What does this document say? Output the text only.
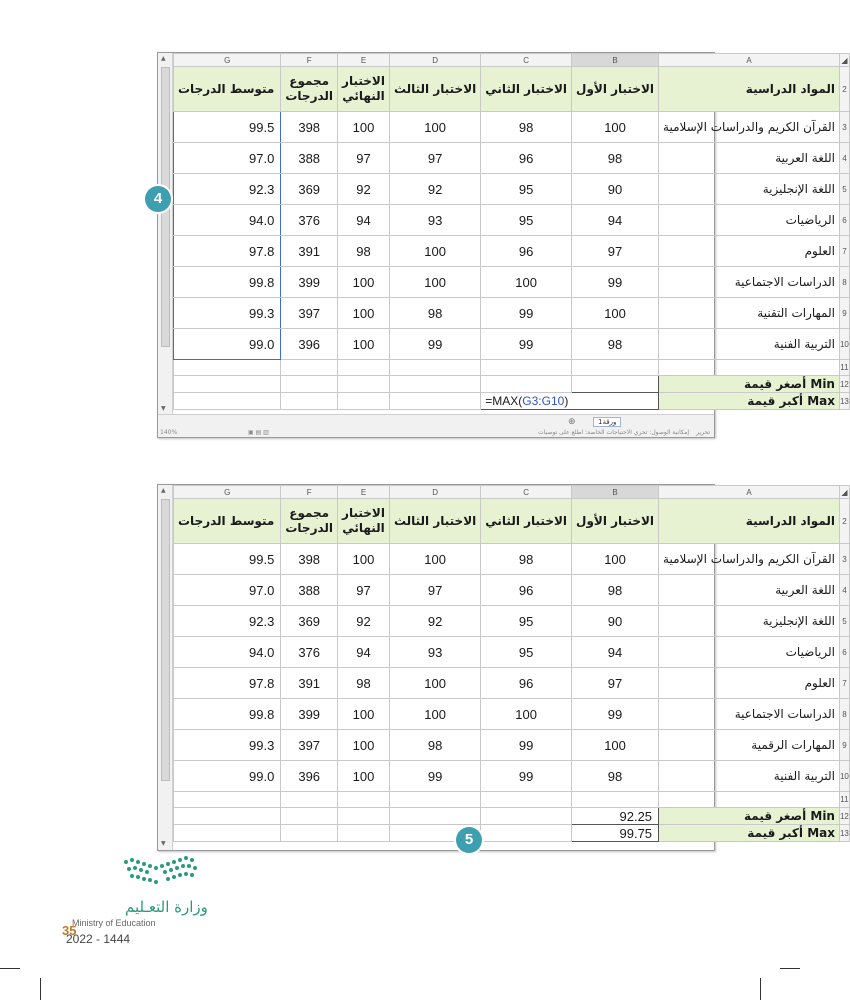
▲
▼
G	F	E	D	C	B	A	◢
متوسط الدرجات	مجموع الدرجات	الاختبار النهائي	الاختبار الثالث	الاختبار الثاني	الاختبار الأول	المواد الدراسية	2
99.5	398	100	100	98	100	القرآن الكريم والدراسات الإسلامية	3
97.0	388	97	97	96	98	اللغة العربية	4
92.3	369	92	92	95	90	اللغة الإنجليزية	5
94.0	376	94	93	95	94	الرياضيات	6
97.8	391	98	100	96	97	العلوم	7
99.8	399	100	100	100	99	الدراسات الاجتماعية	8
99.3	397	100	98	99	100	المهارات التقنية	9
99.0	396	100	99	99	98	التربية الفنية	10
							11
						أصغر قيمة Min	12
				=MAX(G3:G10)		أكبر قيمة Max	13
ورقة1
⊕
140%	▣ ▤ ▥	إمكانية الوصول: تحري الاحتياجات الخاصة: اطلع على توصيات تحرير
4
▲
▼
G	F	E	D	C	B	A	◢
متوسط الدرجات	مجموع الدرجات	الاختبار النهائي	الاختبار الثالث	الاختبار الثاني	الاختبار الأول	المواد الدراسية	2
99.5	398	100	100	98	100	القرآن الكريم والدراسات الإسلامية	3
97.0	388	97	97	96	98	اللغة العربية	4
92.3	369	92	92	95	90	اللغة الإنجليزية	5
94.0	376	94	93	95	94	الرياضيات	6
97.8	391	98	100	96	97	العلوم	7
99.8	399	100	100	100	99	الدراسات الاجتماعية	8
99.3	397	100	98	99	100	المهارات الرقمية	9
99.0	396	100	99	99	98	التربية الفنية	10
							11
					92.25	أصغر قيمة Min	12
					99.75	أكبر قيمة Max	13
5
وزارة التعـليم
35
Ministry of Education
2022 - 1444
